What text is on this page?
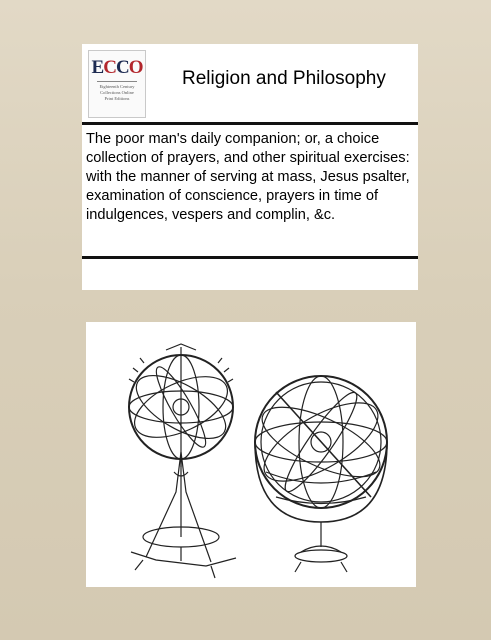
ECCO
Eighteenth Century
Collections Online
Print Editions
Religion and Philosophy
The poor man's daily companion; or, a choice collection of prayers, and other spiritual exercises: with the manner of serving at mass, Jesus psalter, examination of conscience, prayers in time of indulgences, vespers and complin, &c.
